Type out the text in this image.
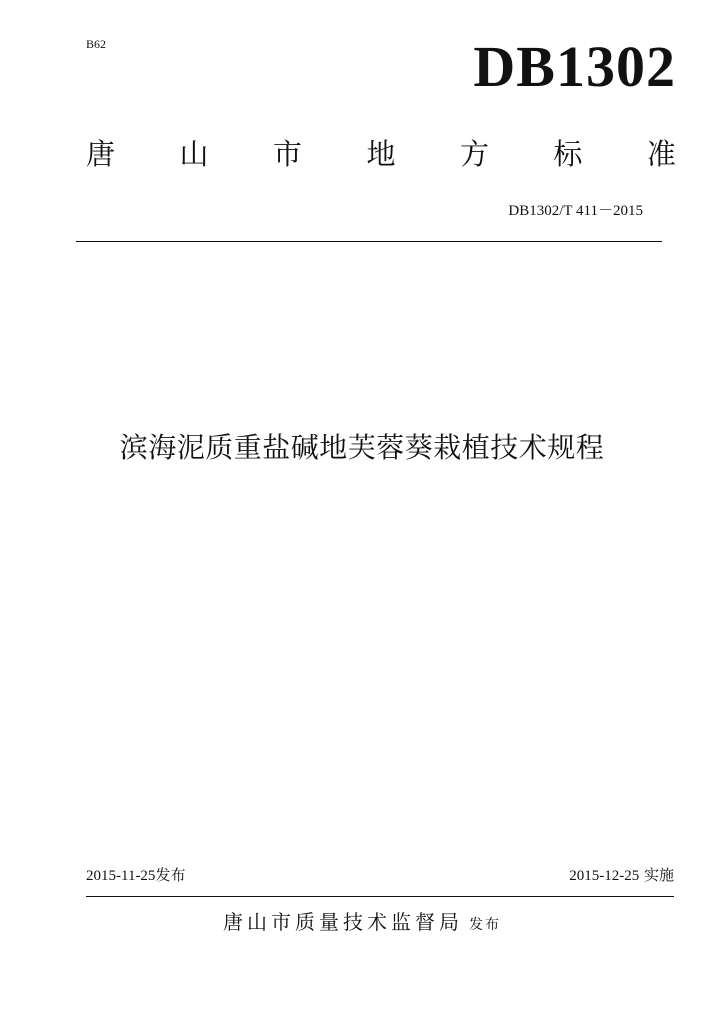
B62	DB1302
唐 山 市 地 方 标 准
DB1302/T 411－2015
滨海泥质重盐碱地芙蓉葵栽植技术规程
2015-11-25发布	2015-12-25 实施
唐山市质量技术监督局 发布
